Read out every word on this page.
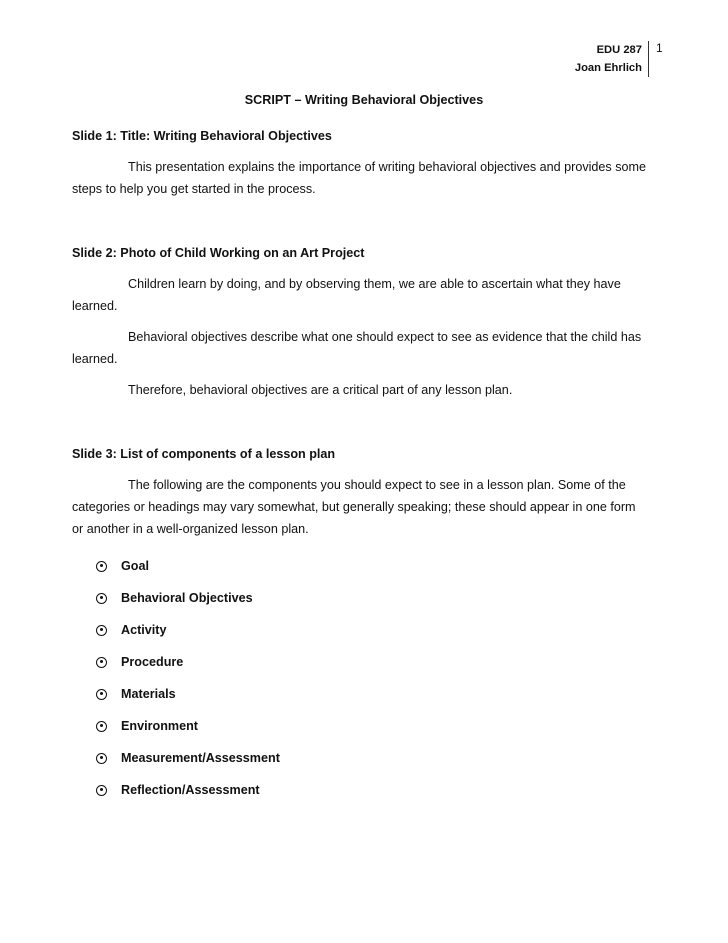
EDU 287
Joan Ehrlich
1
SCRIPT – Writing Behavioral Objectives

Slide 1: Title: Writing Behavioral Objectives

This presentation explains the importance of writing behavioral objectives and provides some steps to help you get started in the process.

Slide 2: Photo of Child Working on an Art Project

Children learn by doing, and by observing them, we are able to ascertain what they have learned.

Behavioral objectives describe what one should expect to see as evidence that the child has learned.

Therefore, behavioral objectives are a critical part of any lesson plan.

Slide 3: List of components of a lesson plan

The following are the components you should expect to see in a lesson plan. Some of the categories or headings may vary somewhat, but generally speaking; these should appear in one form or another in a well-organized lesson plan.

Goal
Behavioral Objectives
Activity
Procedure
Materials
Environment
Measurement/Assessment
Reflection/Assessment
